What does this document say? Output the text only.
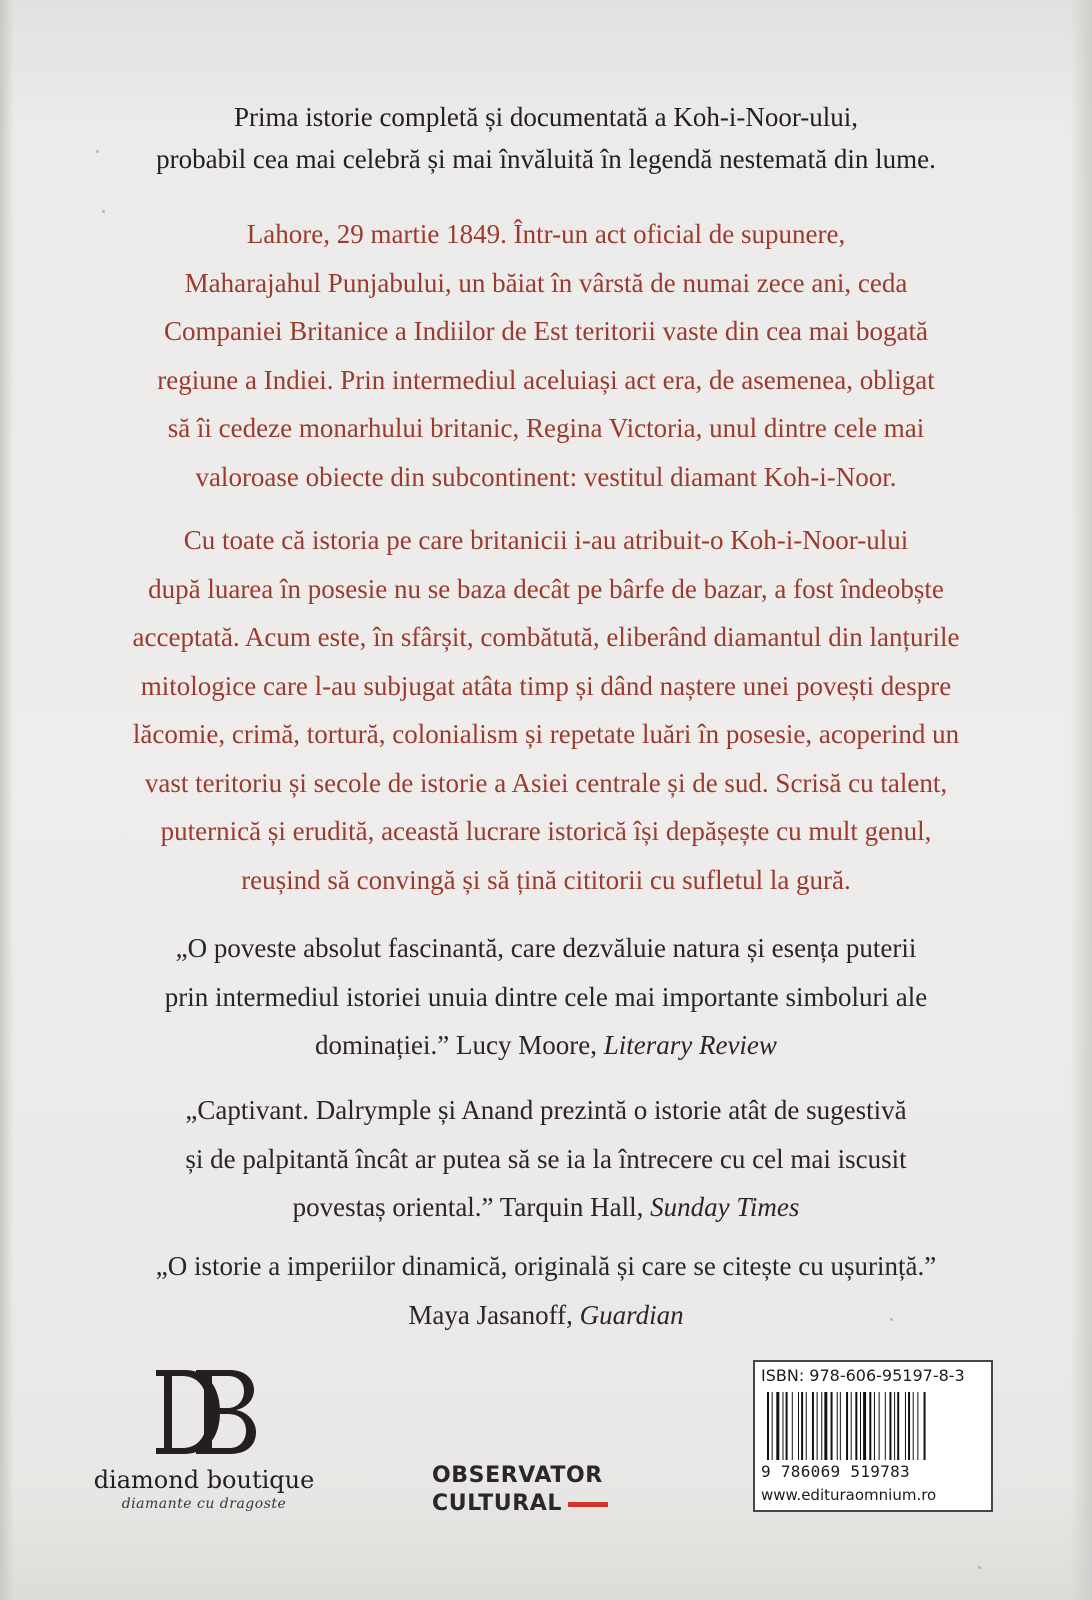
Prima istorie completă și documentată a Koh-i-Noor-ului,
probabil cea mai celebră și mai învăluită în legendă nestemată din lume.
Lahore, 29 martie 1849. Într-un act oficial de supunere,
Maharajahul Punjabului, un băiat în vârstă de numai zece ani, ceda
Companiei Britanice a Indiilor de Est teritorii vaste din cea mai bogată
regiune a Indiei. Prin intermediul aceluiași act era, de asemenea, obligat
să îi cedeze monarhului britanic, Regina Victoria, unul dintre cele mai
valoroase obiecte din subcontinent: vestitul diamant Koh-i-Noor.
Cu toate că istoria pe care britanicii i-au atribuit-o Koh-i-Noor-ului
după luarea în posesie nu se baza decât pe bârfe de bazar, a fost îndeobște
acceptată. Acum este, în sfârșit, combătută, eliberând diamantul din lanțurile
mitologice care l-au subjugat atâta timp și dând naștere unei povești despre
lăcomie, crimă, tortură, colonialism și repetate luări în posesie, acoperind un
vast teritoriu și secole de istorie a Asiei centrale și de sud. Scrisă cu talent,
puternică și erudită, această lucrare istorică își depășește cu mult genul,
reușind să convingă și să țină cititorii cu sufletul la gură.
„O poveste absolut fascinantă, care dezvăluie natura și esența puterii
prin intermediul istoriei unuia dintre cele mai importante simboluri ale
dominației.” Lucy Moore, Literary Review
„Captivant. Dalrymple și Anand prezintă o istorie atât de sugestivă
și de palpitantă încât ar putea să se ia la întrecere cu cel mai iscusit
povestaș oriental.” Tarquin Hall, Sunday Times
„O istorie a imperiilor dinamică, originală și care se citește cu ușurință.”
Maya Jasanoff, Guardian
diamond boutique
diamante cu dragoste
OBSERVATOR
CULTURAL
ISBN: 978-606-95197-8-3
9 786069 519783
www.edituraomnium.ro
